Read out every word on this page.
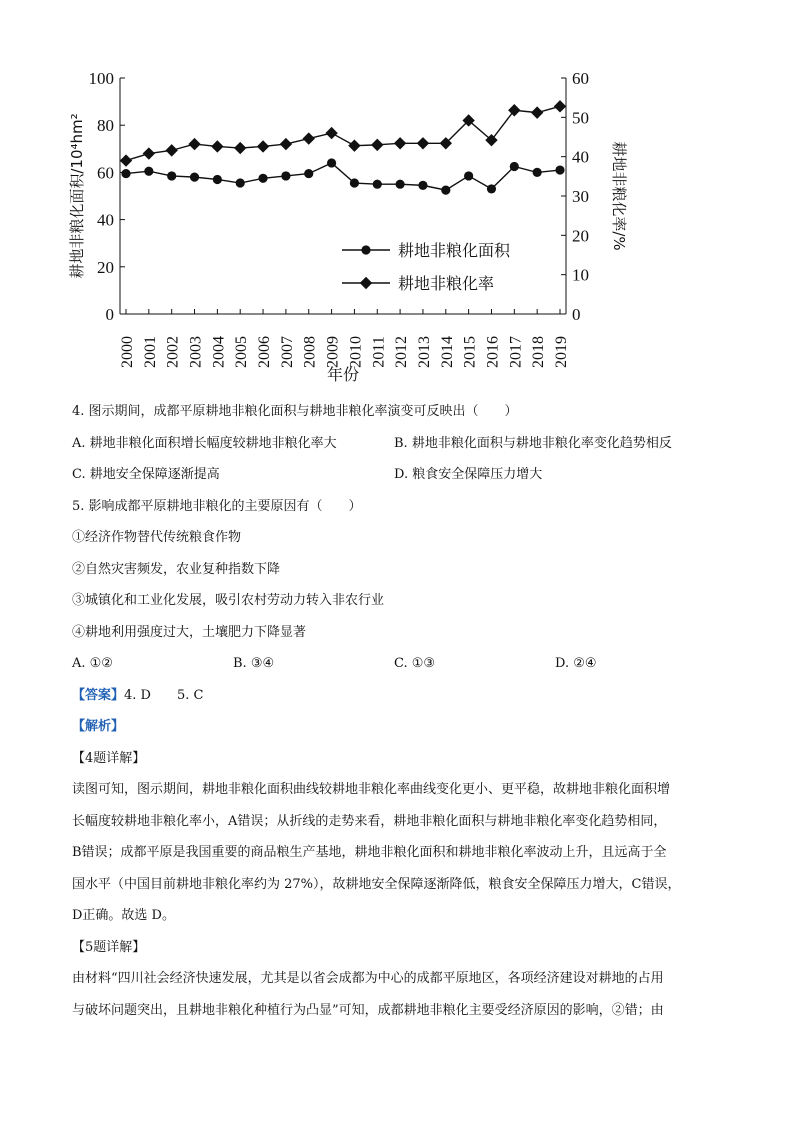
0
20
40
60
80
100
0
10
20
30
40
50
60
2000 2001 2002 2003 2004 2005 2006 2007 2008 2009 2010 2011 2012 2013 2014 2015 2016 2017 2018 2019
年份
耕地非粮化面积/10⁴hm²	耕地非粮化率/%
耕地非粮化面积
耕地非粮化率
4. 图示期间，成都平原耕地非粮化面积与耕地非粮化率演变可反映出（　　）
A. 耕地非粮化面积增长幅度较耕地非粮化率大	B. 耕地非粮化面积与耕地非粮化率变化趋势相反
C. 耕地安全保障逐渐提高	D. 粮食安全保障压力增大
5. 影响成都平原耕地非粮化的主要原因有（　　）
①经济作物替代传统粮食作物
②自然灾害频发，农业复种指数下降
③城镇化和工业化发展，吸引农村劳动力转入非农行业
④耕地利用强度过大，土壤肥力下降显著
A. ①②	B. ③④	C. ①③	D. ②④
【答案】4. D　　5. C
【解析】
【4题详解】
读图可知，图示期间，耕地非粮化面积曲线较耕地非粮化率曲线变化更小、更平稳，故耕地非粮化面积增
长幅度较耕地非粮化率小，A错误；从折线的走势来看，耕地非粮化面积与耕地非粮化率变化趋势相同，
B错误；成都平原是我国重要的商品粮生产基地，耕地非粮化面积和耕地非粮化率波动上升，且远高于全
国水平（中国目前耕地非粮化率约为 27%），故耕地安全保障逐渐降低，粮食安全保障压力增大，C错误，
D正确。故选 D。
【5题详解】
由材料“四川社会经济快速发展，尤其是以省会成都为中心的成都平原地区，各项经济建设对耕地的占用
与破坏问题突出，且耕地非粮化种植行为凸显”可知，成都耕地非粮化主要受经济原因的影响，②错；由
